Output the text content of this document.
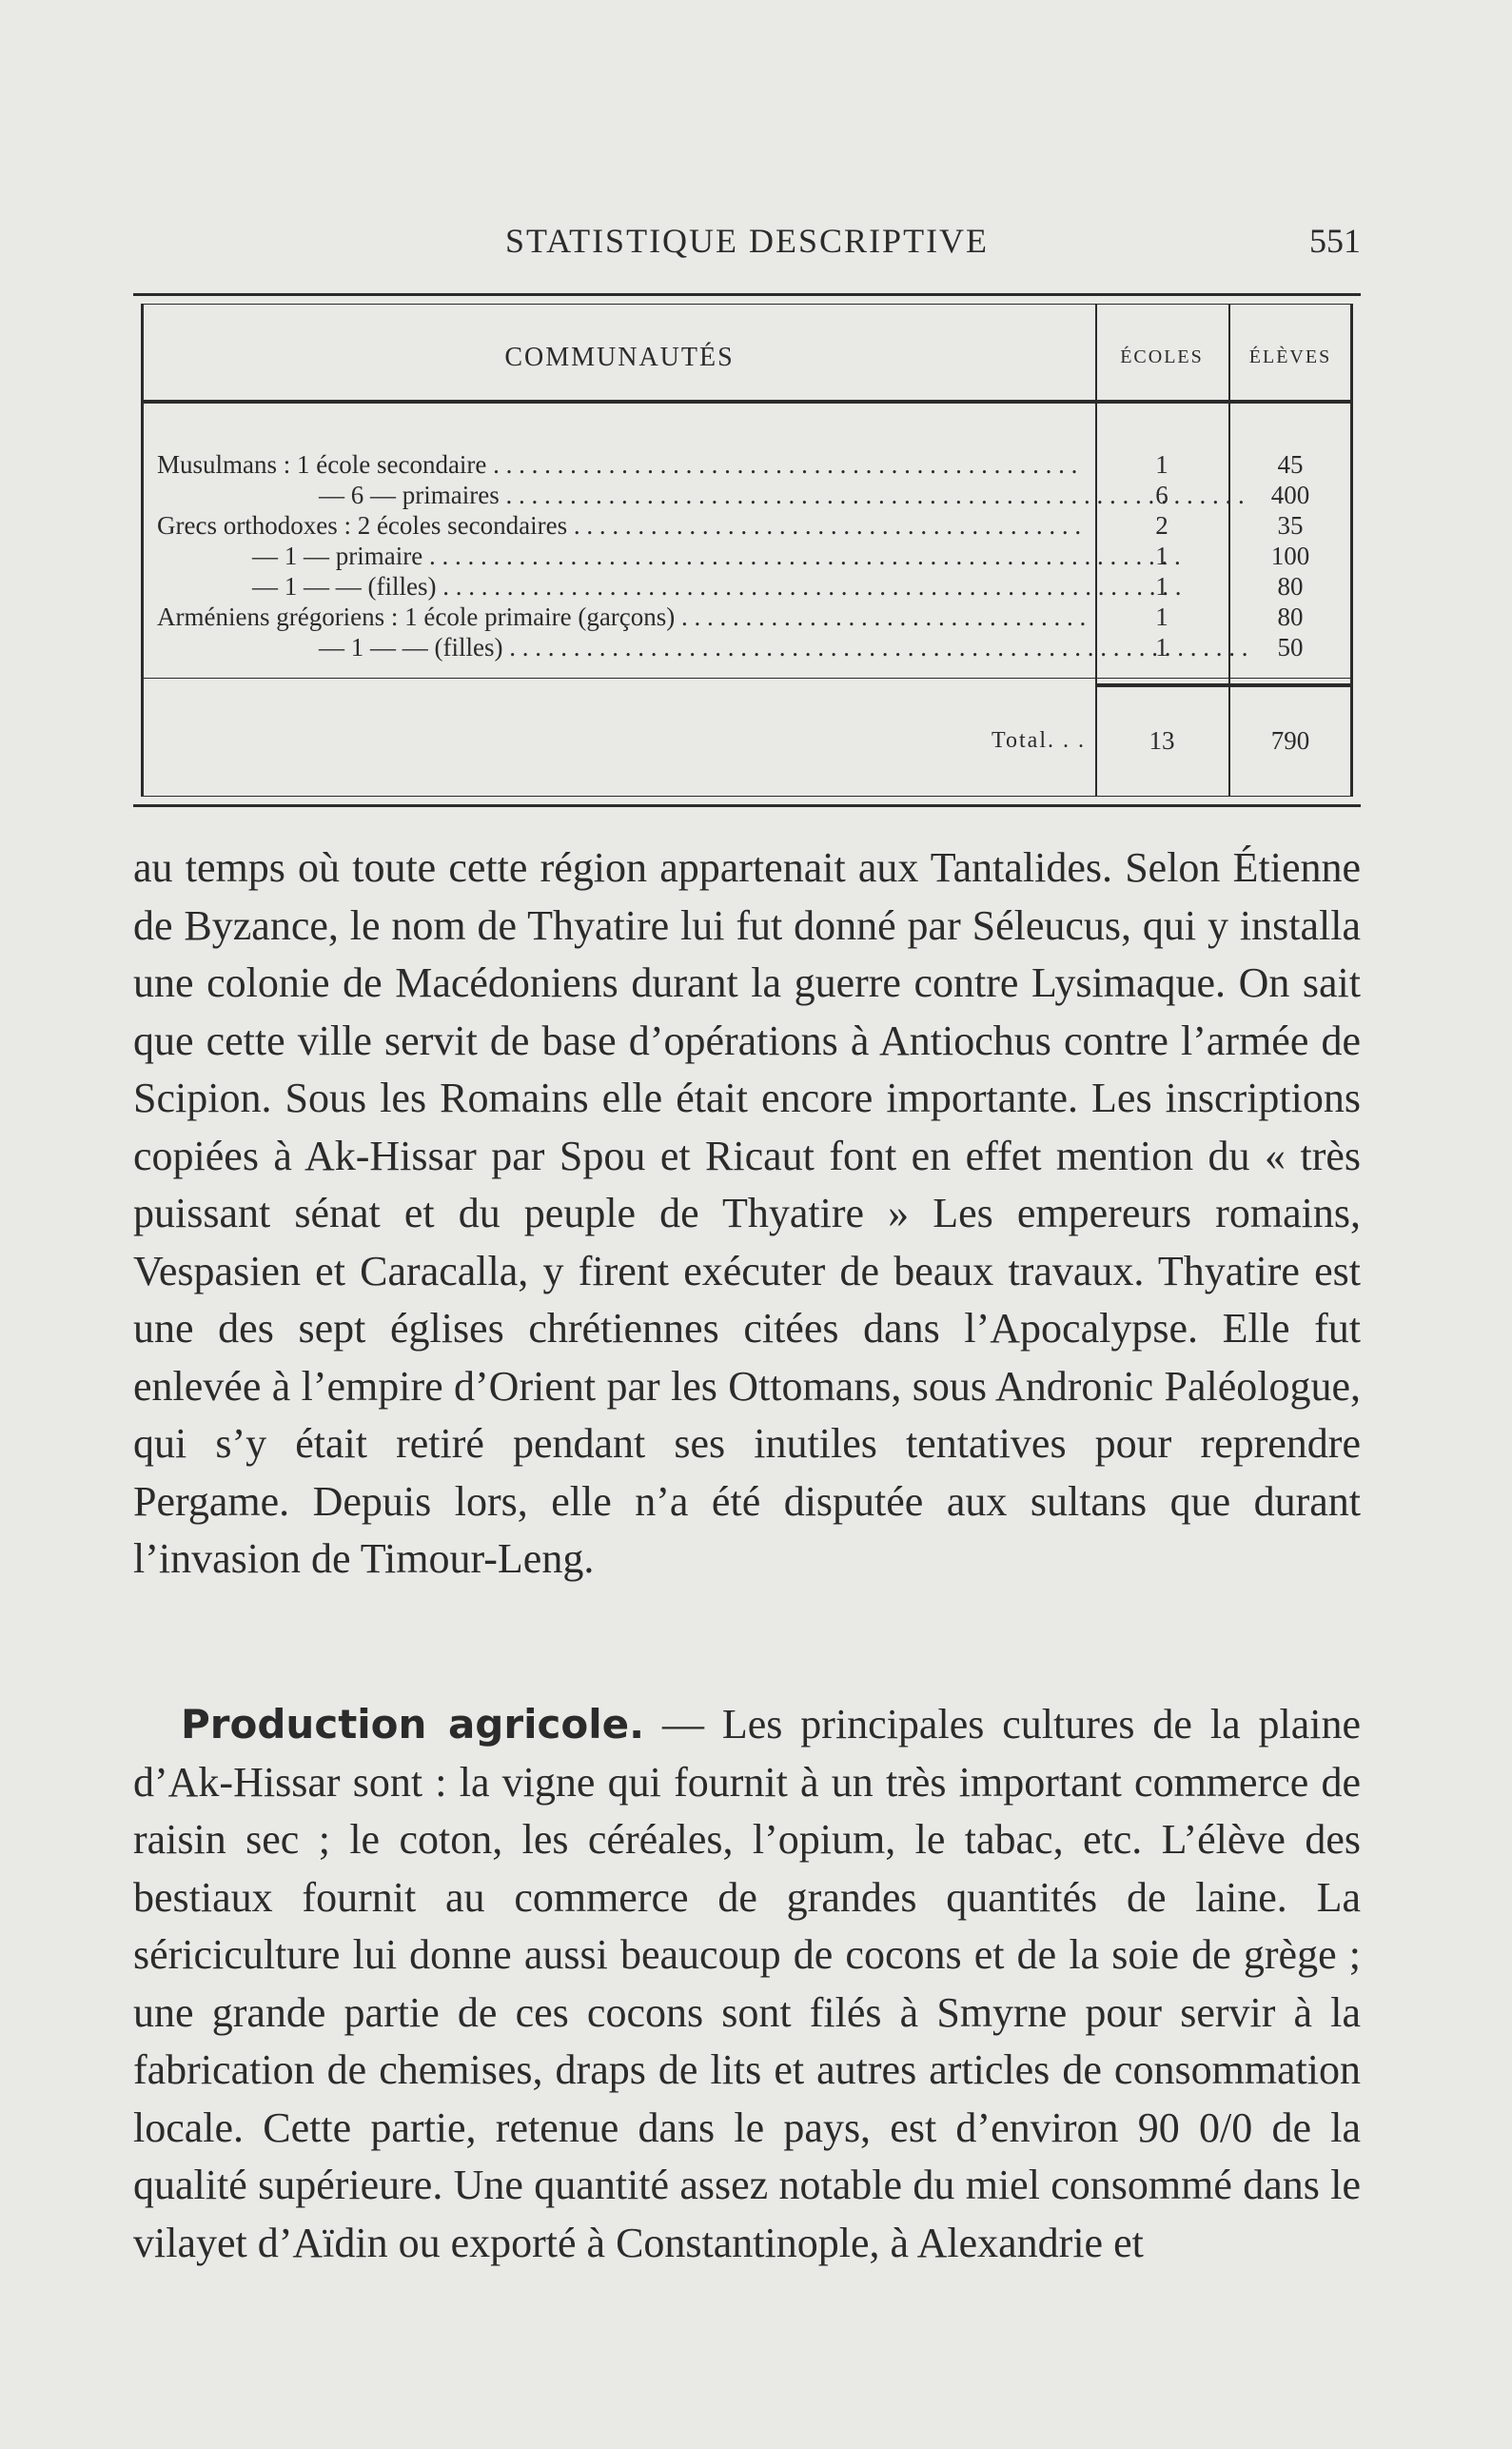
STATISTIQUE DESCRIPTIVE	551
COMMUNAUTÉS	ÉCOLES	ÉLÈVES
Musulmans : 1 école secondaire . . .	1	45
— 6 — primaires . . .	6	400
Grecs orthodoxes : 2 écoles secondaires . . .	2	35
— 1 — primaire . . .	1	100
— 1 — — (filles) . . .	1	80
Arméniens grégoriens : 1 école primaire (garçons) . . .	1	80
— 1 — — (filles) . . .	1	50
Total. . .	13	790

au temps où toute cette région appartenait aux Tantalides. Selon Étienne de Byzance, le nom de Thyatire lui fut donné par Séleucus, qui y installa une colonie de Macédoniens durant la guerre contre Lysimaque. On sait que cette ville servit de base d’opérations à Antiochus contre l’armée de Scipion. Sous les Romains elle était encore importante. Les inscriptions copiées à Ak-Hissar par Spou et Ricaut font en effet mention du « très puissant sénat et du peuple de Thyatire » Les empereurs romains, Vespasien et Caracalla, y firent exécuter de beaux travaux. Thyatire est une des sept églises chrétiennes citées dans l’Apocalypse. Elle fut enlevée à l’empire d’Orient par les Ottomans, sous Andronic Paléologue, qui s’y était retiré pendant ses inutiles tentatives pour reprendre Pergame. Depuis lors, elle n’a été disputée aux sultans que durant l’invasion de Timour-Leng.

Production agricole. — Les principales cultures de la plaine d’Ak-Hissar sont : la vigne qui fournit à un très important commerce de raisin sec ; le coton, les céréales, l’opium, le tabac, etc. L’élève des bestiaux fournit au commerce de grandes quantités de laine. La sériciculture lui donne aussi beaucoup de cocons et de la soie de grège ; une grande partie de ces cocons sont filés à Smyrne pour servir à la fabrication de chemises, draps de lits et autres articles de consommation locale. Cette partie, retenue dans le pays, est d’environ 90 0/0 de la qualité supérieure. Une quantité assez notable du miel consommé dans le vilayet d’Aïdin ou exporté à Constantinople, à Alexandrie et
